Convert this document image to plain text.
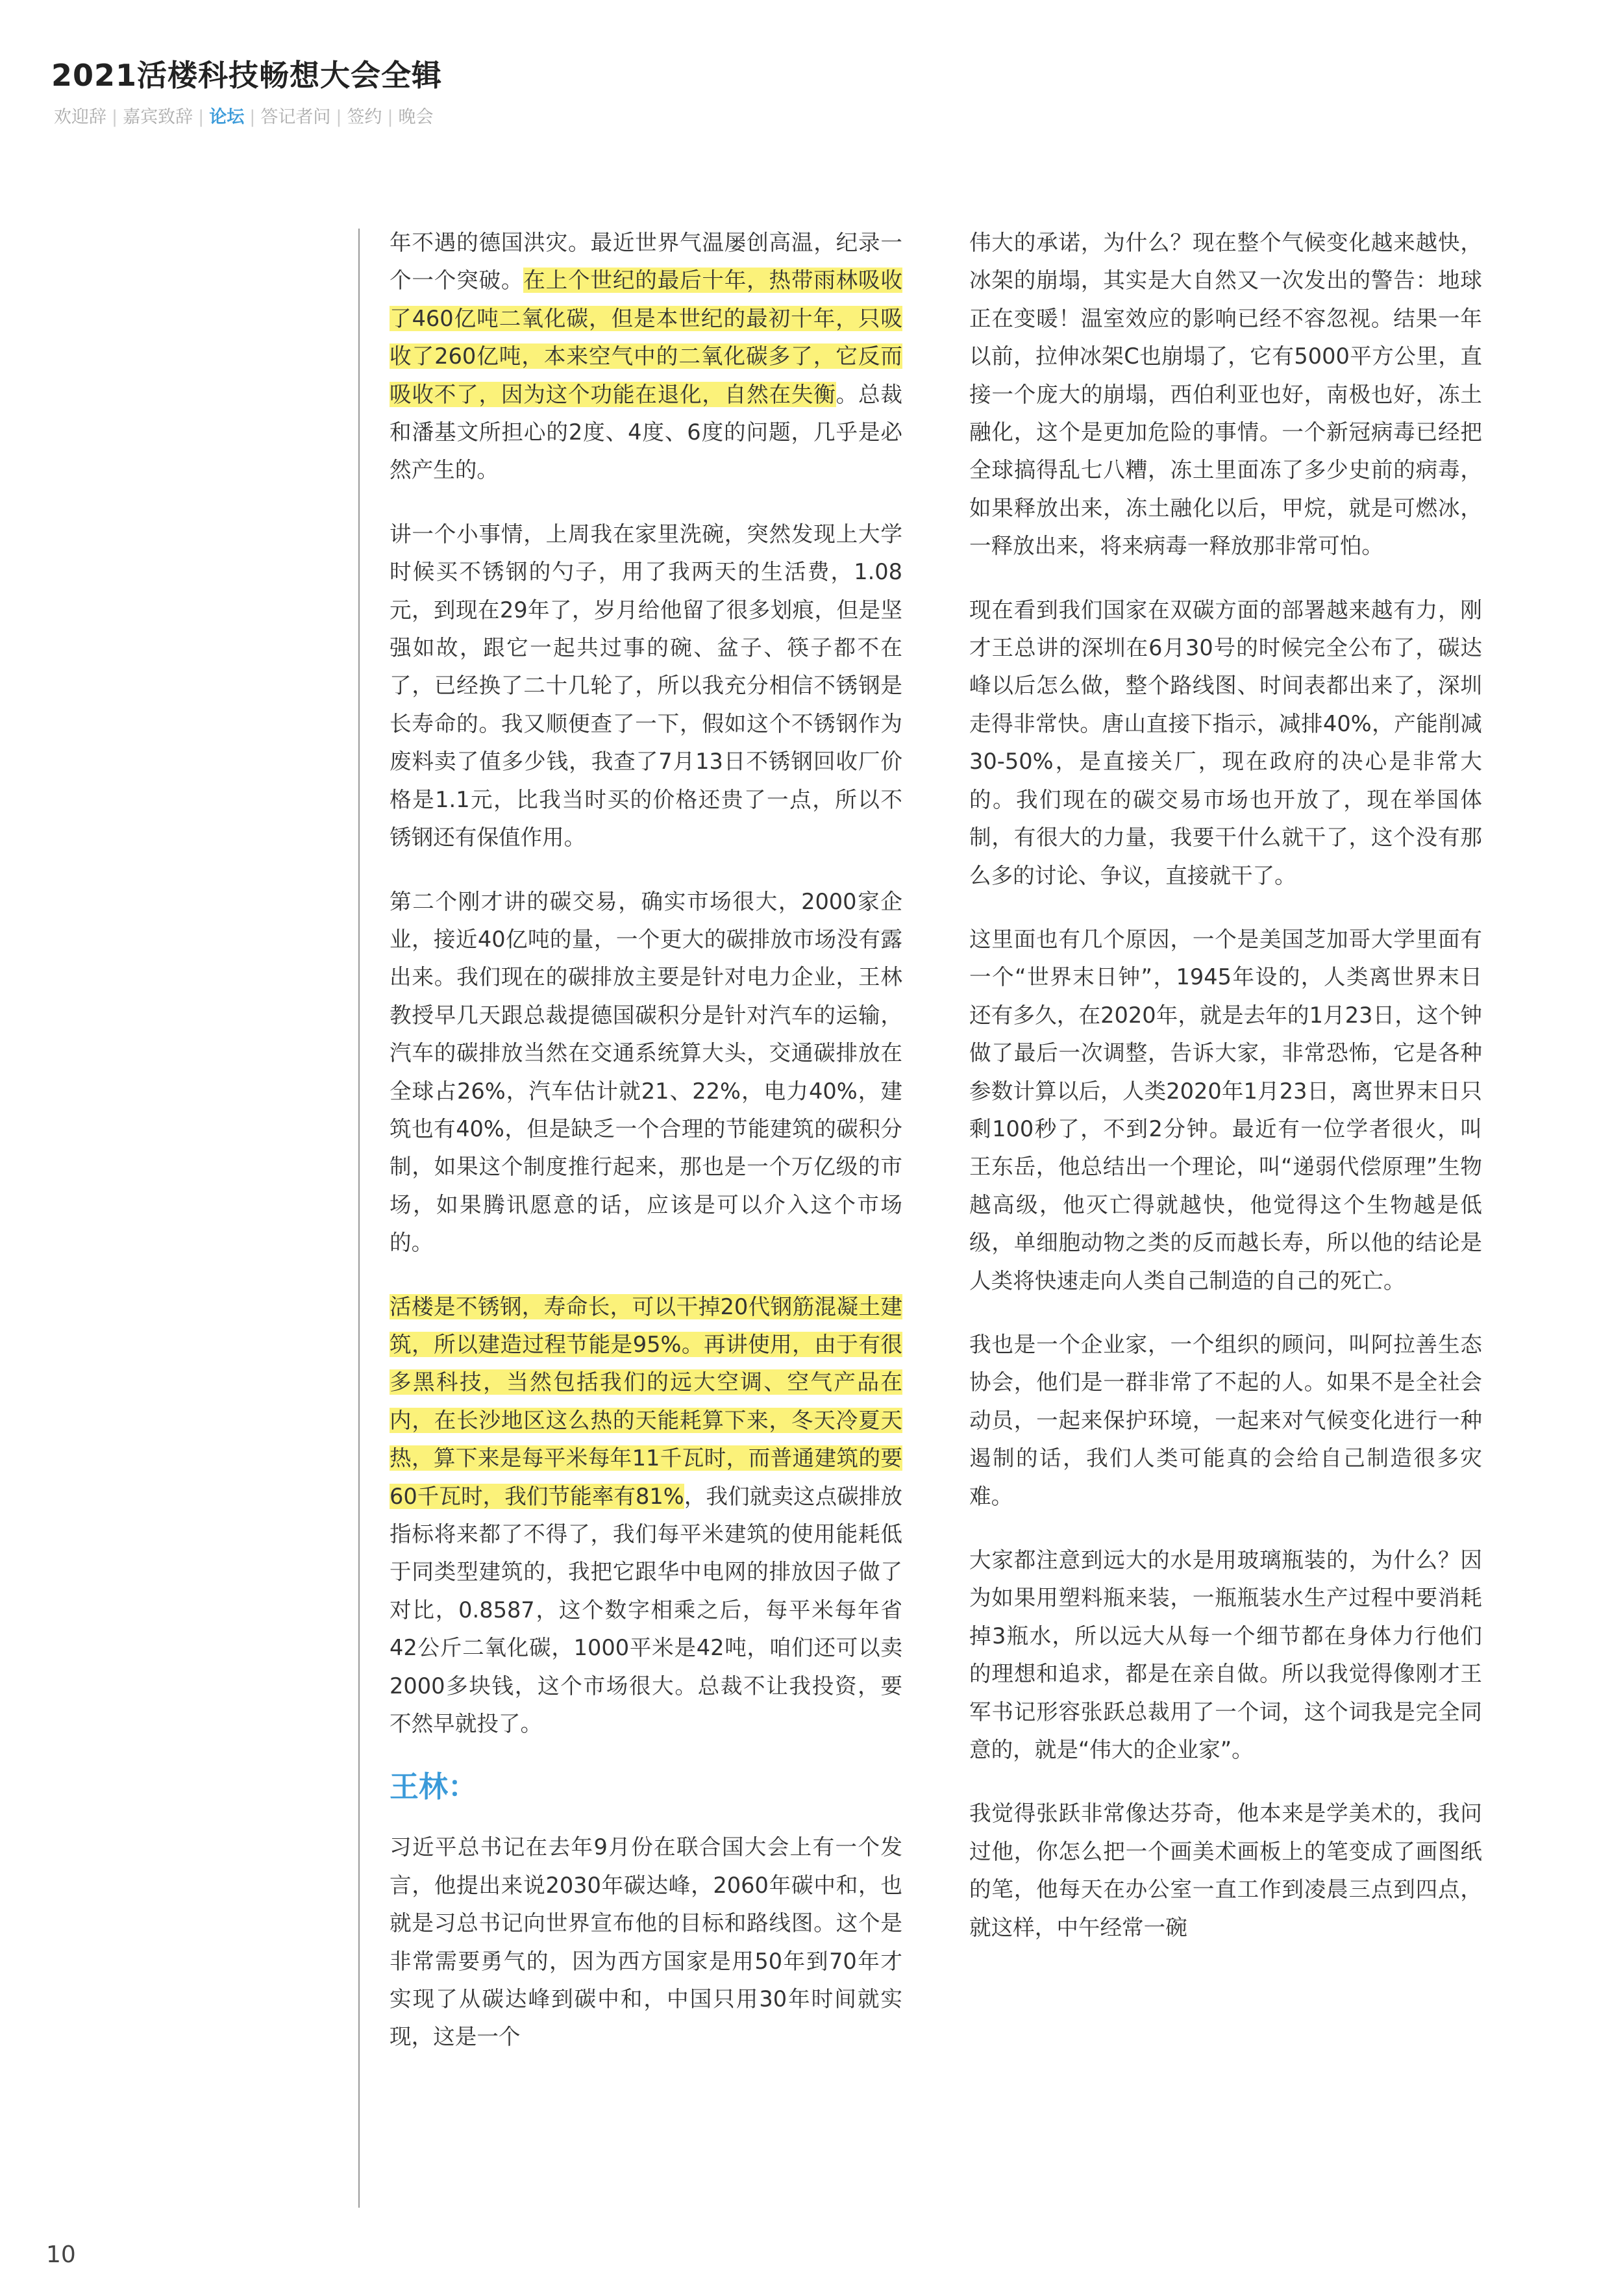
2021活楼科技畅想大会全辑
欢迎辞 | 嘉宾致辞 | 论坛 | 答记者问 | 签约 | 晚会

年不遇的德国洪灾。最近世界气温屡创高温，纪录一个一个突破。在上个世纪的最后十年，热带雨林吸收了460亿吨二氧化碳，但是本世纪的最初十年，只吸收了260亿吨，本来空气中的二氧化碳多了，它反而吸收不了，因为这个功能在退化，自然在失衡。总裁和潘基文所担心的2度、4度、6度的问题，几乎是必然产生的。

讲一个小事情，上周我在家里洗碗，突然发现上大学时候买不锈钢的勺子，用了我两天的生活费，1.08元，到现在29年了，岁月给他留了很多划痕，但是坚强如故，跟它一起共过事的碗、盆子、筷子都不在了，已经换了二十几轮了，所以我充分相信不锈钢是长寿命的。我又顺便查了一下，假如这个不锈钢作为废料卖了值多少钱，我查了7月13日不锈钢回收厂价格是1.1元，比我当时买的价格还贵了一点，所以不锈钢还有保值作用。

第二个刚才讲的碳交易，确实市场很大，2000家企业，接近40亿吨的量，一个更大的碳排放市场没有露出来。我们现在的碳排放主要是针对电力企业，王林教授早几天跟总裁提德国碳积分是针对汽车的运输，汽车的碳排放当然在交通系统算大头，交通碳排放在全球占26%，汽车估计就21、22%，电力40%，建筑也有40%，但是缺乏一个合理的节能建筑的碳积分制，如果这个制度推行起来，那也是一个万亿级的市场，如果腾讯愿意的话，应该是可以介入这个市场的。

活楼是不锈钢，寿命长，可以干掉20代钢筋混凝土建筑，所以建造过程节能是95%。再讲使用，由于有很多黑科技，当然包括我们的远大空调、空气产品在内，在长沙地区这么热的天能耗算下来，冬天冷夏天热，算下来是每平米每年11千瓦时，而普通建筑的要60千瓦时，我们节能率有81%，我们就卖这点碳排放指标将来都了不得了，我们每平米建筑的使用能耗低于同类型建筑的，我把它跟华中电网的排放因子做了对比，0.8587，这个数字相乘之后，每平米每年省42公斤二氧化碳，1000平米是42吨，咱们还可以卖2000多块钱，这个市场很大。总裁不让我投资，要不然早就投了。

王林：

习近平总书记在去年9月份在联合国大会上有一个发言，他提出来说2030年碳达峰，2060年碳中和，也就是习总书记向世界宣布他的目标和路线图。这个是非常需要勇气的，因为西方国家是用50年到70年才实现了从碳达峰到碳中和，中国只用30年时间就实现，这是一个

伟大的承诺，为什么？现在整个气候变化越来越快，冰架的崩塌，其实是大自然又一次发出的警告：地球正在变暖！温室效应的影响已经不容忽视。结果一年以前，拉伸冰架C也崩塌了，它有5000平方公里，直接一个庞大的崩塌，西伯利亚也好，南极也好，冻土融化，这个是更加危险的事情。一个新冠病毒已经把全球搞得乱七八糟，冻土里面冻了多少史前的病毒，如果释放出来，冻土融化以后，甲烷，就是可燃冰，一释放出来，将来病毒一释放那非常可怕。

现在看到我们国家在双碳方面的部署越来越有力，刚才王总讲的深圳在6月30号的时候完全公布了，碳达峰以后怎么做，整个路线图、时间表都出来了，深圳走得非常快。唐山直接下指示，减排40%，产能削减30-50%，是直接关厂，现在政府的决心是非常大的。我们现在的碳交易市场也开放了，现在举国体制，有很大的力量，我要干什么就干了，这个没有那么多的讨论、争议，直接就干了。

这里面也有几个原因，一个是美国芝加哥大学里面有一个“世界末日钟”，1945年设的，人类离世界末日还有多久，在2020年，就是去年的1月23日，这个钟做了最后一次调整，告诉大家，非常恐怖，它是各种参数计算以后，人类2020年1月23日，离世界末日只剩100秒了，不到2分钟。最近有一位学者很火，叫王东岳，他总结出一个理论，叫“递弱代偿原理”生物越高级，他灭亡得就越快，他觉得这个生物越是低级，单细胞动物之类的反而越长寿，所以他的结论是人类将快速走向人类自己制造的自己的死亡。

我也是一个企业家，一个组织的顾问，叫阿拉善生态协会，他们是一群非常了不起的人。如果不是全社会动员，一起来保护环境，一起来对气候变化进行一种遏制的话，我们人类可能真的会给自己制造很多灾难。

大家都注意到远大的水是用玻璃瓶装的，为什么？因为如果用塑料瓶来装，一瓶瓶装水生产过程中要消耗掉3瓶水，所以远大从每一个细节都在身体力行他们的理想和追求，都是在亲自做。所以我觉得像刚才王军书记形容张跃总裁用了一个词，这个词我是完全同意的，就是“伟大的企业家”。

我觉得张跃非常像达芬奇，他本来是学美术的，我问过他，你怎么把一个画美术画板上的笔变成了画图纸的笔，他每天在办公室一直工作到凌晨三点到四点，就这样，中午经常一碗

10
